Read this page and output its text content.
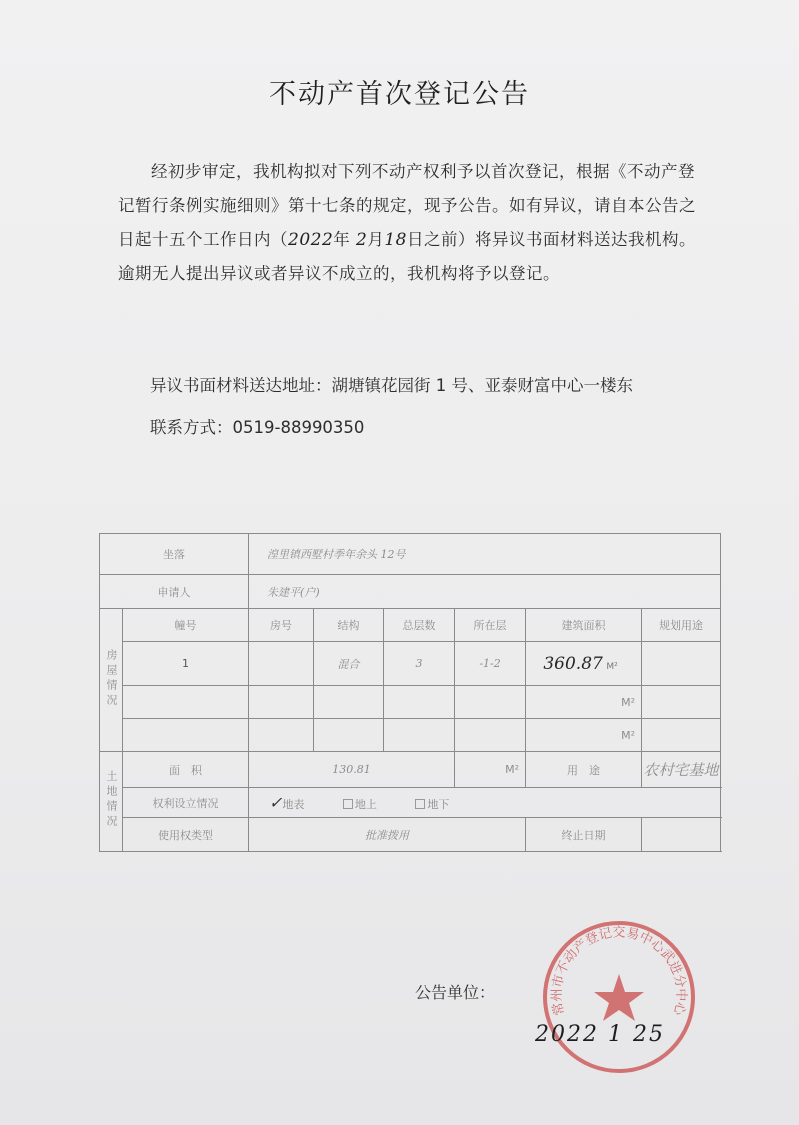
不动产首次登记公告
经初步审定，我机构拟对下列不动产权利予以首次登记，根据《不动产登记暂行条例实施细则》第十七条的规定，现予公告。如有异议，请自本公告之日起十五个工作日内（2022年 2月18日之前）将异议书面材料送达我机构。逾期无人提出异议或者异议不成立的，我机构将予以登记。
异议书面材料送达地址：湖塘镇花园街 1 号、亚泰财富中心一楼东
联系方式：0519-88990350
坐落		湟里镇西墅村季年余头 12号						
申请人		朱建平(户)						
房屋情况	幢号	房号	结构	总层数	所在层	建筑面积	规划用途	
	1		混合	3	-1-2	360.87 M²		
						M²		
						M²		
土地情况	面　积	130.81			M²	用　途	农村宅基地	
	权利设立情况	✓地表 地上 地下						
	使用权类型	批准拨用				终止日期		
常州市不动产登记交易中心武进分中心
公告单位：
2022 1 25
